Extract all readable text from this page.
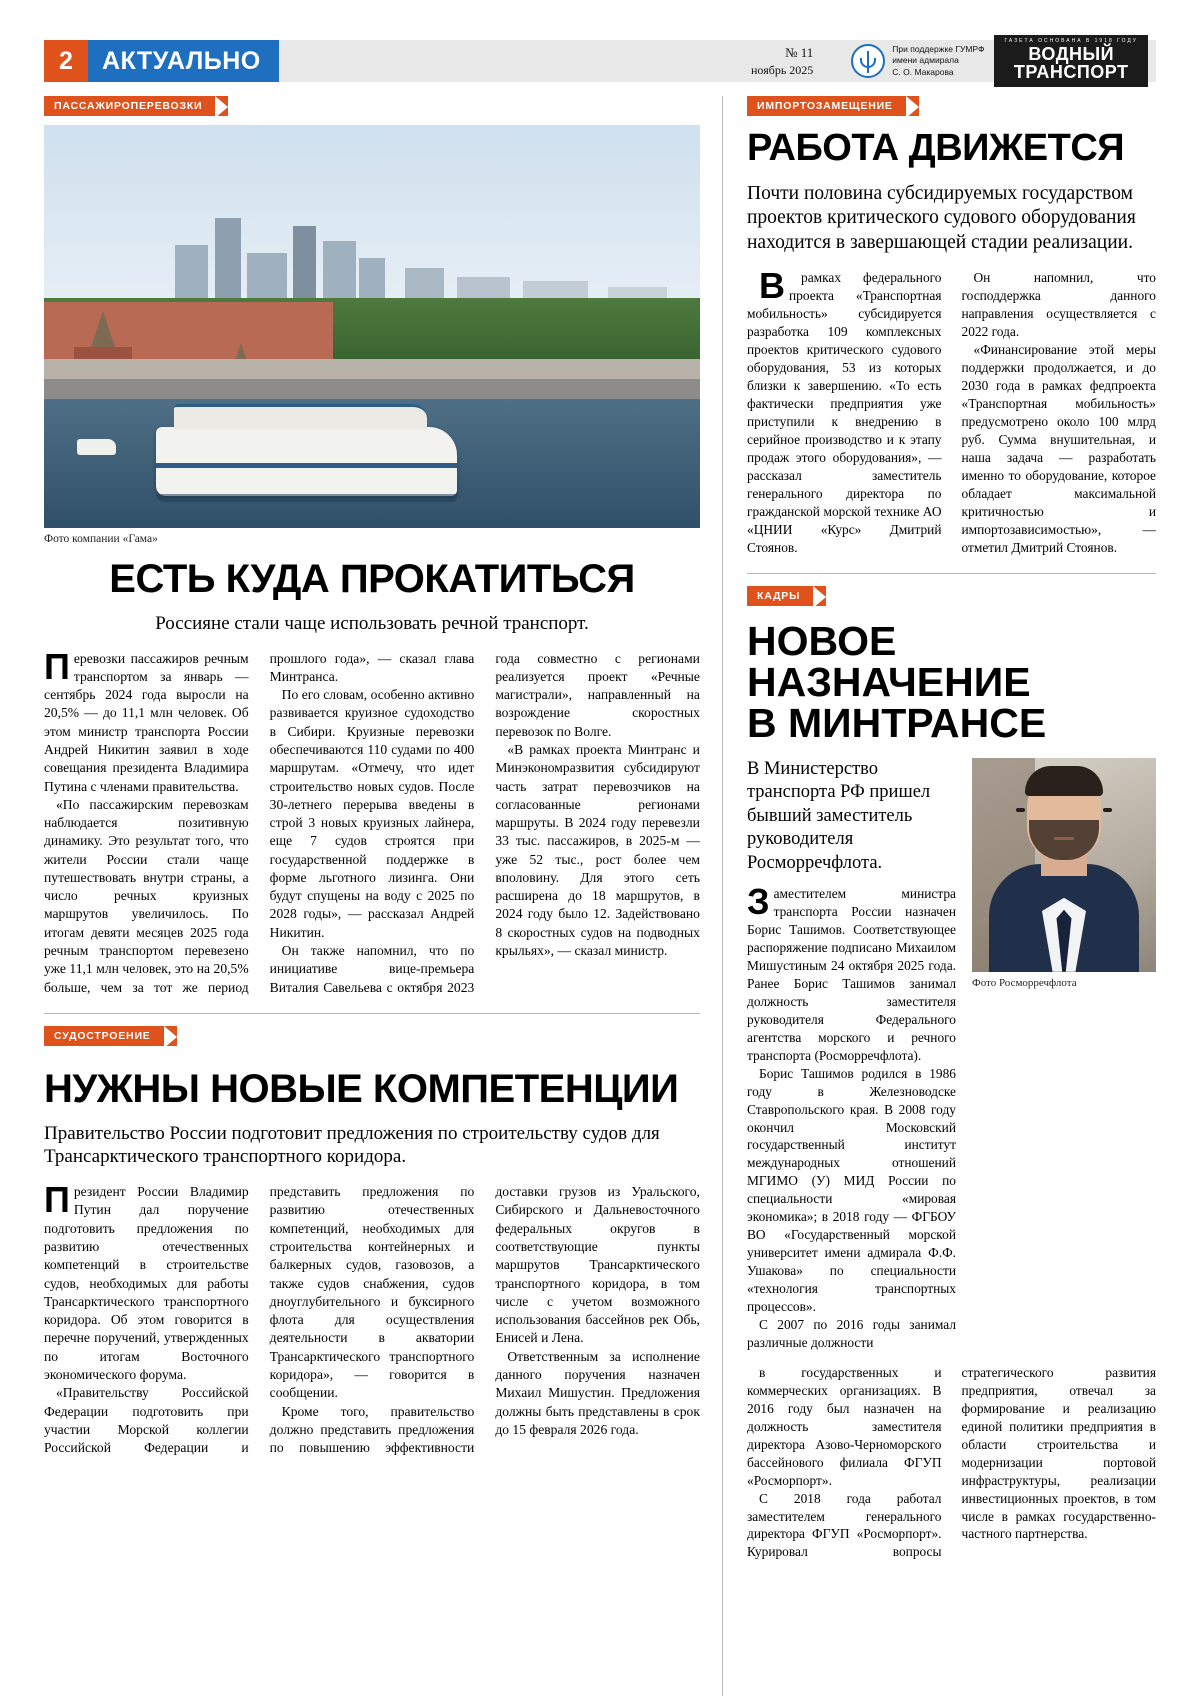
2	АКТУАЛЬНО	№ 11
ноябрь 2025
При поддержке ГУМРФ
имени адмирала
С. О. Макарова
ГАЗЕТА ОСНОВАНА В 1918 ГОДУ
ВОДНЫЙ
ТРАНСПОРТ
ПАССАЖИРОПЕРЕВОЗКИ
Фото компании «Гама»
ЕСТЬ КУДА ПРОКАТИТЬСЯ
Россияне стали чаще использовать речной транспорт.

Перевозки пассажиров речным транспортом за январь — сентябрь 2024 года выросли на 20,5% — до 11,1 млн человек. Об этом министр транспорта России Андрей Никитин заявил в ходе совещания президента Владимира Путина с членами правительства.

«По пассажирским перевозкам наблюдается позитивную динамику. Это результат того, что жители России стали чаще путешествовать внутри страны, а число речных круизных маршрутов увеличилось. По итогам девяти месяцев 2025 года речным транспортом перевезено уже 11,1 млн человек, это на 20,5% больше, чем за тот же период прошлого года», — сказал глава Минтранса.

По его словам, особенно активно развивается круизное судоходство в Сибири. Круизные перевозки обеспечиваются 110 судами по 400 маршрутам. «Отмечу, что идет строительство новых судов. После 30-летнего перерыва введены в строй 3 новых круизных лайнера, еще 7 судов строятся при государственной поддержке в форме льготного лизинга. Они будут спущены на воду с 2025 по 2028 годы», — рассказал Андрей Никитин.

Он также напомнил, что по инициативе вице-премьера Виталия Савельева с октября 2023 года совместно с регионами реализуется проект «Речные магистрали», направленный на возрождение скоростных перевозок по Волге.

«В рамках проекта Минтранс и Минэкономразвития субсидируют часть затрат перевозчиков на согласованные регионами маршруты. В 2024 году перевезли 33 тыс. пассажиров, в 2025-м — уже 52 тыс., рост более чем вполовину. Для этого сеть расширена до 18 маршрутов, в 2024 году было 12. Задействовано 8 скоростных судов на подводных крыльях», — сказал министр.

СУДОСТРОЕНИЕ
НУЖНЫ НОВЫЕ КОМПЕТЕНЦИИ
Правительство России подготовит предложения по строительству судов для Трансарктического транспортного коридора.

Президент России Владимир Путин дал поручение подготовить предложения по развитию отечественных компетенций в строительстве судов, необходимых для работы Трансарктического транспортного коридора. Об этом говорится в перечне поручений, утвержденных по итогам Восточного экономического форума.

«Правительству Российской Федерации подготовить при участии Морской коллегии Российской Федерации и представить предложения по развитию отечественных компетенций, необходимых для строительства контейнерных и балкерных судов, газовозов, а также судов снабжения, судов дноуглубительного и буксирного флота для осуществления деятельности в акватории Трансарктического транспортного коридора», — говорится в сообщении.

Кроме того, правительство должно представить предложения по повышению эффективности доставки грузов из Уральского, Сибирского и Дальневосточного федеральных округов в соответствующие пункты маршрутов Трансарктического транспортного коридора, в том числе с учетом возможного использования бассейнов рек Обь, Енисей и Лена.

Ответственным за исполнение данного поручения назначен Михаил Мишустин. Предложения должны быть представлены в срок до 15 февраля 2026 года.

ИМПОРТОЗАМЕЩЕНИЕ
РАБОТА ДВИЖЕТСЯ
Почти половина субсидируемых государством проектов критического судового оборудования находится в завершающей стадии реализации.

Врамках федерального проекта «Транспортная мобильность» субсидируется разработка 109 комплексных проектов критического судового оборудования, 53 из которых близки к завершению. «То есть фактически предприятия уже приступили к внедрению в серийное производство и к этапу продаж этого оборудования», — рассказал заместитель генерального директора по гражданской морской технике АО «ЦНИИ «Курс» Дмитрий Стоянов.

Он напомнил, что господдержка данного направления осуществляется с 2022 года.

«Финансирование этой меры поддержки продолжается, и до 2030 года в рамках федпроекта «Транспортная мобильность» предусмотрено около 100 млрд руб. Сумма внушительная, и наша задача — разработать именно то оборудование, которое обладает максимальной критичностью и импортозависимостью», — отметил Дмитрий Стоянов.

КАДРЫ
НОВОЕ
НАЗНАЧЕНИЕ
В МИНТРАНСЕ
В Министерство транспорта РФ пришел бывший заместитель руководителя Росморречфлота.

Заместителем министра транспорта России назначен Борис Ташимов. Соответствующее распоряжение подписано Михаилом Мишустиным 24 октября 2025 года. Ранее Борис Ташимов занимал должность заместителя руководителя Федерального агентства морского и речного транспорта (Росморречфлота).

Борис Ташимов родился в 1986 году в Железноводске Ставропольского края. В 2008 году окончил Московский государственный институт международных отношений МГИМО (У) МИД России по специальности «мировая экономика»; в 2018 году — ФГБОУ ВО «Государственный морской университет имени адмирала Ф.Ф. Ушакова» по специальности «технология транспортных процессов».

С 2007 по 2016 годы занимал различные должности

Фото Росморречфлота

в государственных и коммерческих организациях. В 2016 году был назначен на должность заместителя директора Азово-Черноморского бассейнового филиала ФГУП «Росморпорт».

С 2018 года работал заместителем генерального директора ФГУП «Росморпорт». Курировал вопросы стратегического развития предприятия, отвечал за формирование и реализацию единой политики предприятия в области строительства и модернизации портовой инфраструктуры, реализации инвестиционных проектов, в том числе в рамках государственно-частного партнерства.
